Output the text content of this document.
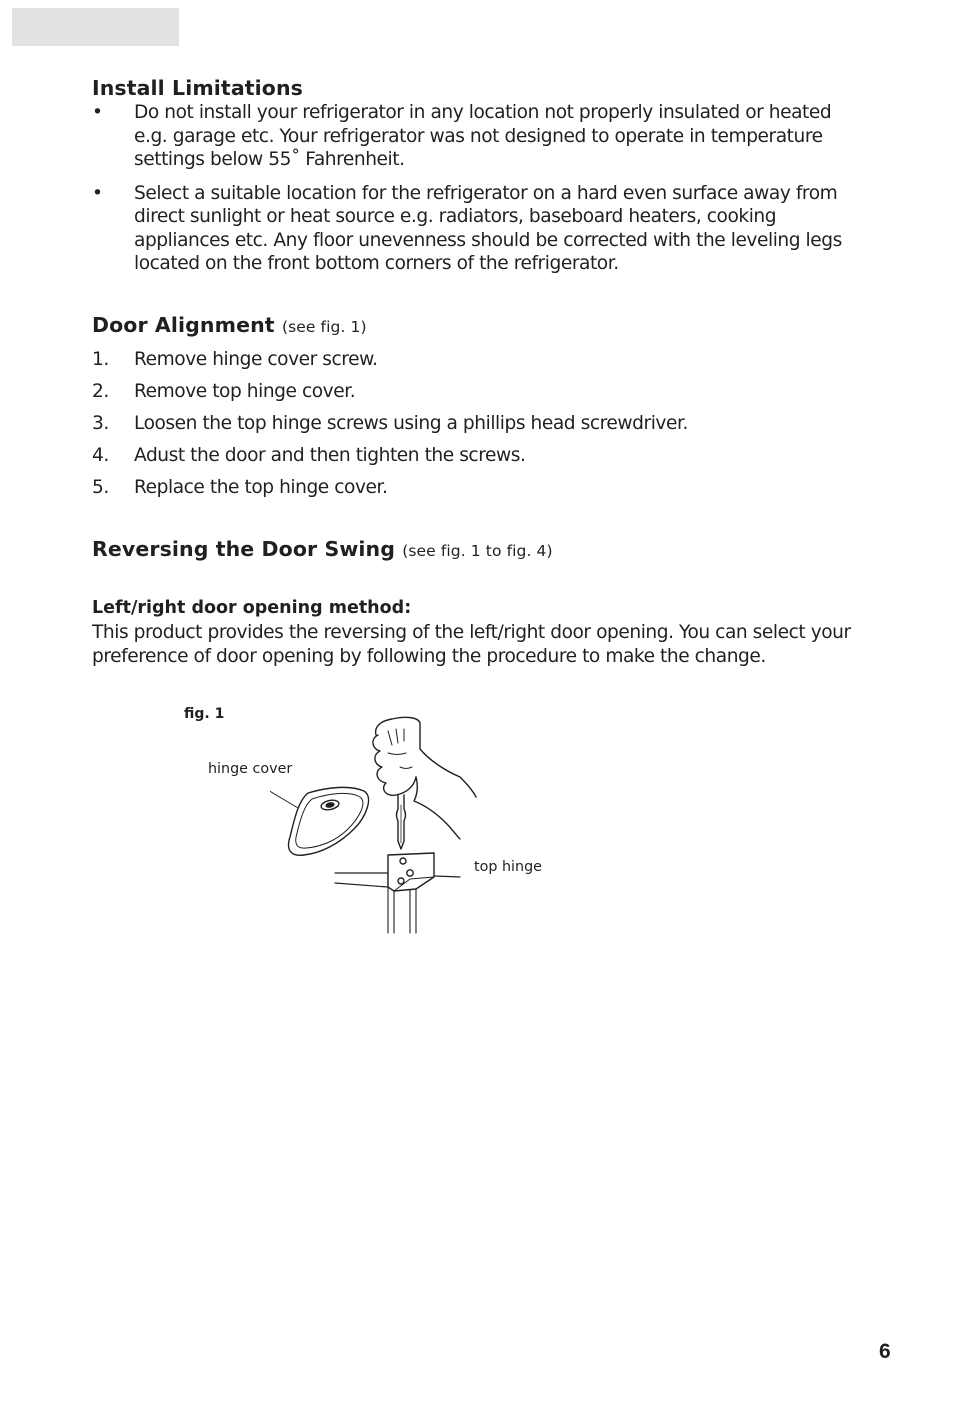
Install Limitations
• Do not install your refrigerator in any location not properly insulated or heated e.g. garage etc. Your refrigerator was not designed to operate in temperature settings below 55˚ Fahrenheit.
• Select a suitable location for the refrigerator on a hard even surface away from direct sunlight or heat source e.g. radiators, baseboard heaters, cooking appliances etc. Any floor unevenness should be corrected with the leveling legs located on the front bottom corners of the refrigerator.
Door Alignment (see fig. 1)
1. Remove hinge cover screw.
2. Remove top hinge cover.
3. Loosen the top hinge screws using a phillips head screwdriver.
4. Adust the door and then tighten the screws.
5. Replace the top hinge cover.
Reversing the Door Swing (see fig. 1 to fig. 4)
Left/right door opening method:

This product provides the reversing of the left/right door opening. You can select your preference of door opening by following the procedure to make the change.

fig. 1
hinge cover
top hinge
6
